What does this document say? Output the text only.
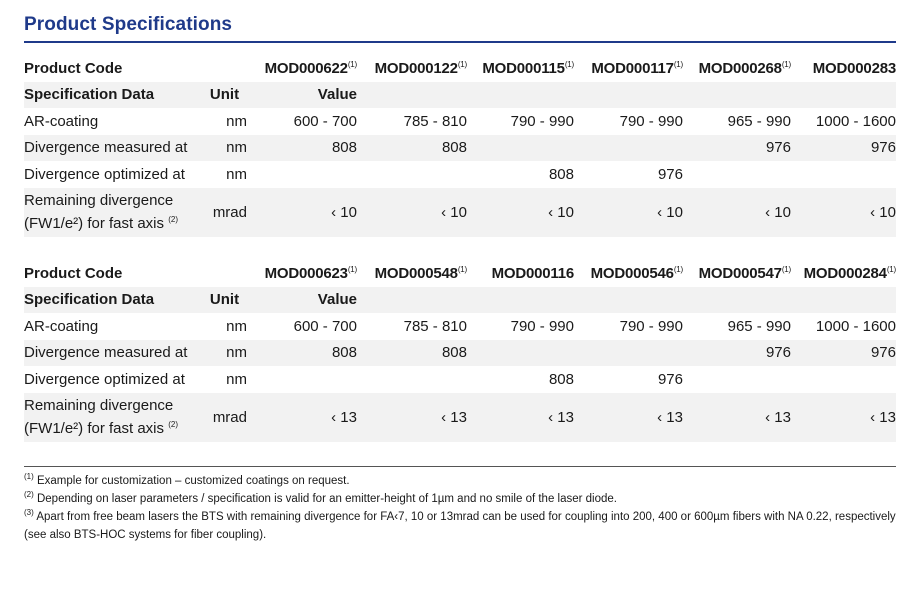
Product Specifications
Product Code		MOD000622$^{(1)}$	MOD000122$^{(1)}$	MOD000115$^{(1)}$	MOD000117$^{(1)}$	MOD000268$^{(1)}$	MOD000283
Specification Data	Unit	Value					
AR-coating	nm	600 - 700	785 - 810	790 - 990	790 - 990	965 - 990	1000 - 1600
Divergence measured at	nm	808	808			976	976
Divergence optimized at	nm			808	976		
Remaining divergence
(FW1/e²) for fast axis $^{(2)}$	mrad	‹ 10	‹ 10	‹ 10	‹ 10	‹ 10	‹ 10
Product Code		MOD000623$^{(1)}$	MOD000548$^{(1)}$	MOD000116	MOD000546$^{(1)}$	MOD000547$^{(1)}$	MOD000284$^{(1)}$
Specification Data	Unit	Value					
AR-coating	nm	600 - 700	785 - 810	790 - 990	790 - 990	965 - 990	1000 - 1600
Divergence measured at	nm	808	808			976	976
Divergence optimized at	nm			808	976		
Remaining divergence
(FW1/e²) for fast axis $^{(2)}$	mrad	‹ 13	‹ 13	‹ 13	‹ 13	‹ 13	‹ 13

$^{(1)}$ Example for customization – customized coatings on request.

$^{(2)}$ Depending on laser parameters / specification is valid for an emitter-height of 1µm and no smile of the laser diode.

$^{(3)}$ Apart from free beam lasers the BTS with remaining divergence for FA‹7, 10 or 13mrad can be used for coupling into 200, 400 or 600µm fibers with NA 0.22, respectively (see also BTS-HOC systems for fiber coupling).
